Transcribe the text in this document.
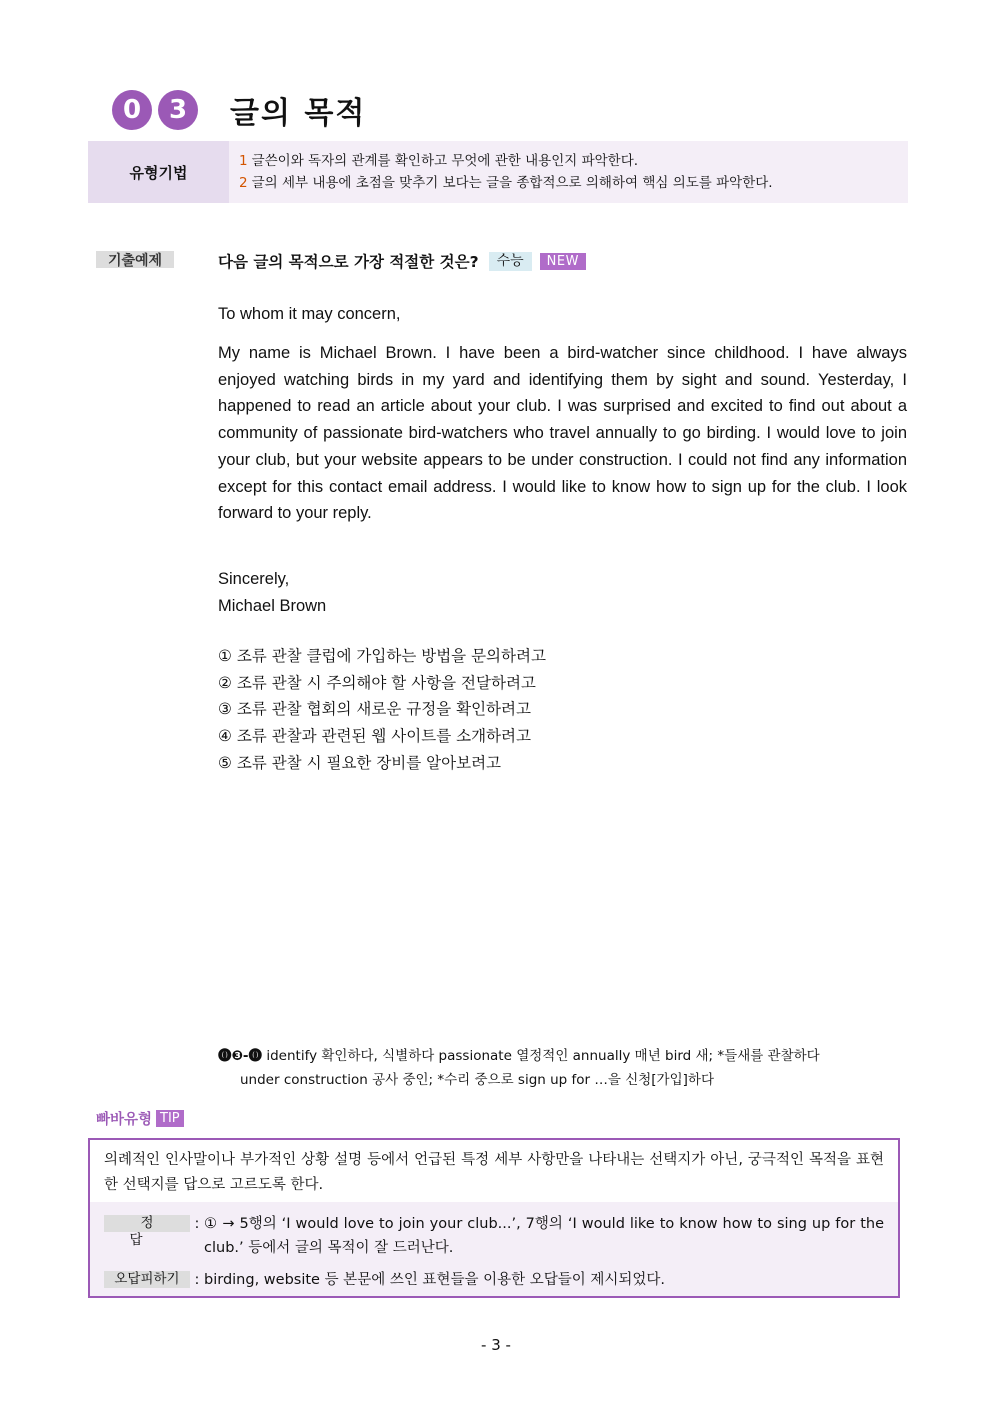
0	3	글의 목적
유형기법
1 글쓴이와 독자의 관계를 확인하고 무엇에 관한 내용인지 파악한다.
2 글의 세부 내용에 초점을 맞추기 보다는 글을 종합적으로 의해하여 핵심 의도를 파악한다.
기출예제	다음 글의 목적으로 가장 적절한 것은?	수능	NEW
To whom it may concern,
My name is Michael Brown. I have been a bird-watcher since childhood. I have always enjoyed watching birds in my yard and identifying them by sight and sound. Yesterday, I happened to read an article about your club. I was surprised and excited to find out about a community of passionate bird-watchers who travel annually to go birding. I would love to join your club, but your website appears to be under construction. I could not find any information except for this contact email address. I would like to know how to sign up for the club. I look forward to your reply.
Sincerely,
Michael Brown
① 조류 관찰 클럽에 가입하는 방법을 문의하려고
② 조류 관찰 시 주의해야 할 사항을 전달하려고
③ 조류 관찰 협회의 새로운 규정을 확인하려고
④ 조류 관찰과 관련된 웹 사이트를 소개하려고
⑤ 조류 관찰 시 필요한 장비를 알아보려고
⓿❸-⓿ identify 확인하다, 식별하다 passionate 열정적인 annually 매년 bird 새; *들새를 관찰하다
under construction 공사 중인; *수리 중으로 sign up for …을 신청[가입]하다
빠바유형 TIP
의례적인 인사말이나 부가적인 상황 설명 등에서 언급된 특정 세부 사항만을 나타내는 선택지가 아닌, 궁극적인 목적을 표현한 선택지를 답으로 고르도록 한다.
정답
: ① → 5행의 ‘I would love to join your club...’, 7행의 ‘I would like to know how to sing up for the club.’ 등에서 글의 목적이 잘 드러난다.
오답피하기	: birding, website 등 본문에 쓰인 표현들을 이용한 오답들이 제시되었다.
- 3 -
